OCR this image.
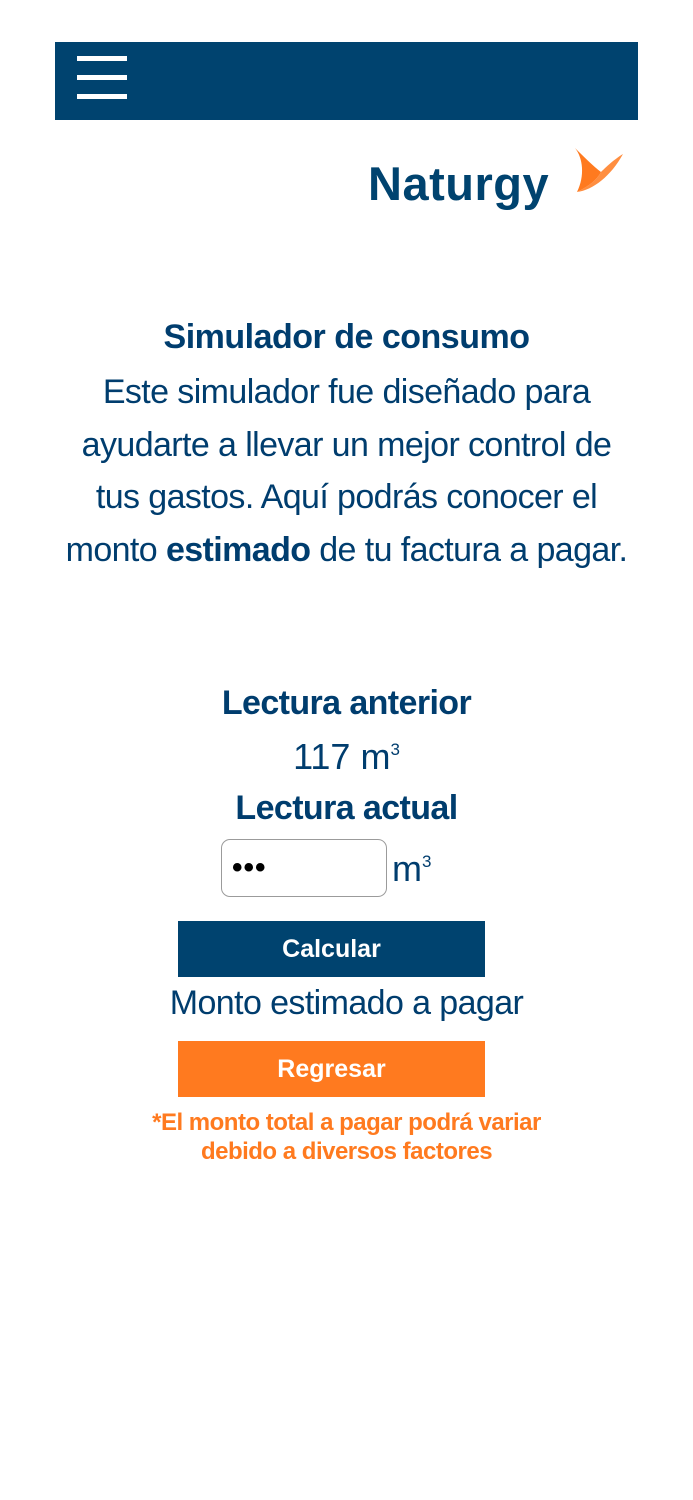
Naturgy
Simulador de consumo
Este simulador fue diseñado para ayudarte a llevar un mejor control de tus gastos. Aquí podrás conocer el monto estimado de tu factura a pagar.
Lectura anterior
117 $m^3$
Lectura actual
•••	$m^3$
Calcular
Monto estimado a pagar
Regresar
*El monto total a pagar podrá variar
debido a diversos factores
